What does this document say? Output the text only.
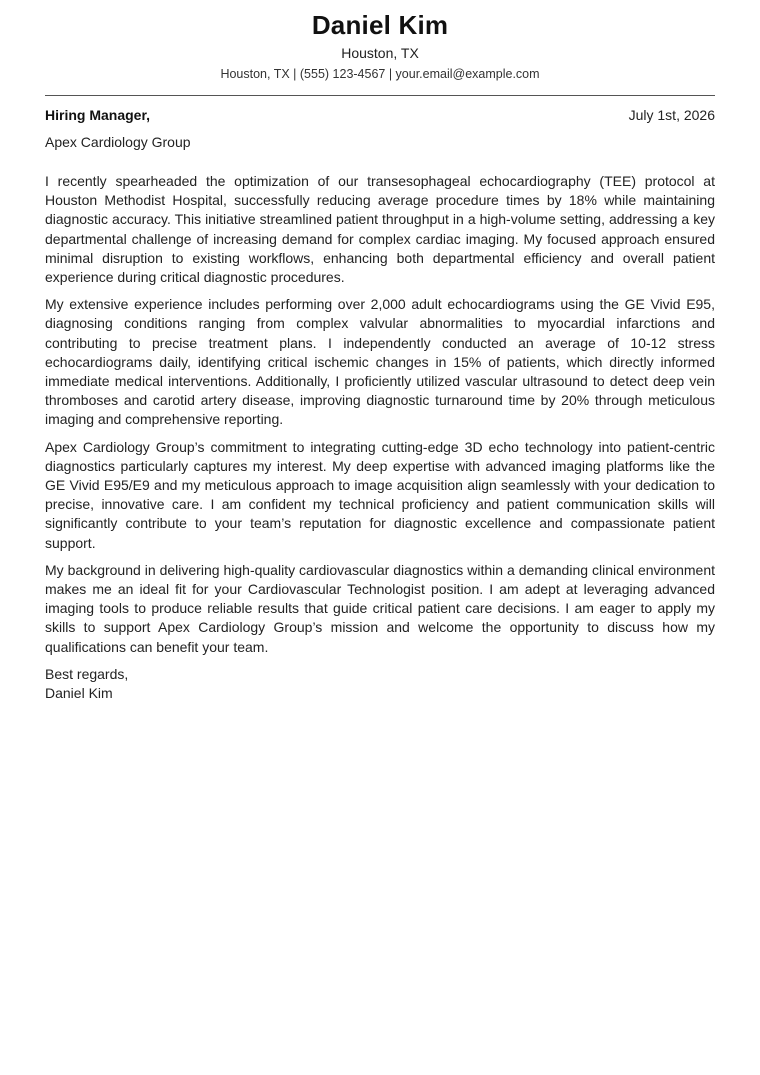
Daniel Kim
Houston, TX
Houston, TX | (555) 123-4567 | your.email@example.com
Hiring Manager,	July 1st, 2026
Apex Cardiology Group

I recently spearheaded the optimization of our transesophageal echocardiography (TEE) protocol at Houston Methodist Hospital, successfully reducing average procedure times by 18% while maintaining diagnostic accuracy. This initiative streamlined patient throughput in a high-volume setting, addressing a key departmental challenge of increasing demand for complex cardiac imaging. My focused approach ensured minimal disruption to existing workflows, enhancing both departmental efficiency and overall patient experience during critical diagnostic procedures.

My extensive experience includes performing over 2,000 adult echocardiograms using the GE Vivid E95, diagnosing conditions ranging from complex valvular abnormalities to myocardial infarctions and contributing to precise treatment plans. I independently conducted an average of 10-12 stress echocardiograms daily, identifying critical ischemic changes in 15% of patients, which directly informed immediate medical interventions. Additionally, I proficiently utilized vascular ultrasound to detect deep vein thromboses and carotid artery disease, improving diagnostic turnaround time by 20% through meticulous imaging and comprehensive reporting.

Apex Cardiology Group’s commitment to integrating cutting-edge 3D echo technology into patient-centric diagnostics particularly captures my interest. My deep expertise with advanced imaging platforms like the GE Vivid E95/E9 and my meticulous approach to image acquisition align seamlessly with your dedication to precise, innovative care. I am confident my technical proficiency and patient communication skills will significantly contribute to your team’s reputation for diagnostic excellence and compassionate patient support.

My background in delivering high-quality cardiovascular diagnostics within a demanding clinical environment makes me an ideal fit for your Cardiovascular Technologist position. I am adept at leveraging advanced imaging tools to produce reliable results that guide critical patient care decisions. I am eager to apply my skills to support Apex Cardiology Group’s mission and welcome the opportunity to discuss how my qualifications can benefit your team.

Best regards,
Daniel Kim
